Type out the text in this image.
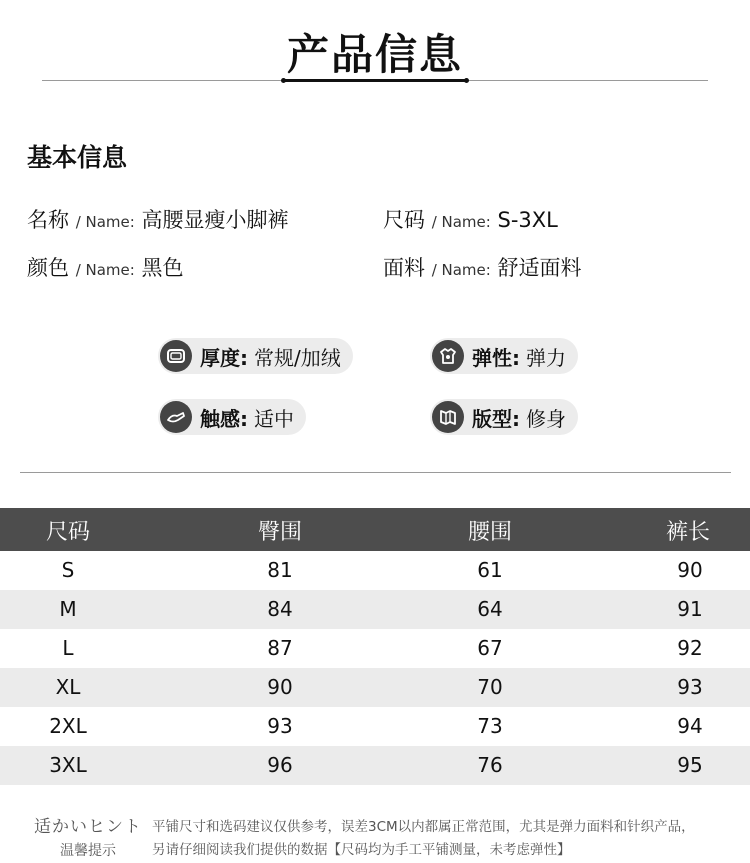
产品信息
基本信息
名称 / Name: 高腰显瘦小脚裤	尺码 / Name: S-3XL
颜色 / Name: 黑色	面料 / Name: 舒适面料
厚度: 常规/加绒	弹性: 弹力
触感: 适中	版型: 修身
尺码	臀围	腰围	裤长
S	81	61	90
M	84	64	91
L	87	67	92
XL	90	70	93
2XL	93	73	94
3XL	96	76	95
适かいヒント
温馨提示
平铺尺寸和选码建议仅供参考，误差3CM以内都属正常范围，尤其是弹力面料和针织产品，
另请仔细阅读我们提供的数据【尺码均为手工平铺测量，未考虑弹性】
